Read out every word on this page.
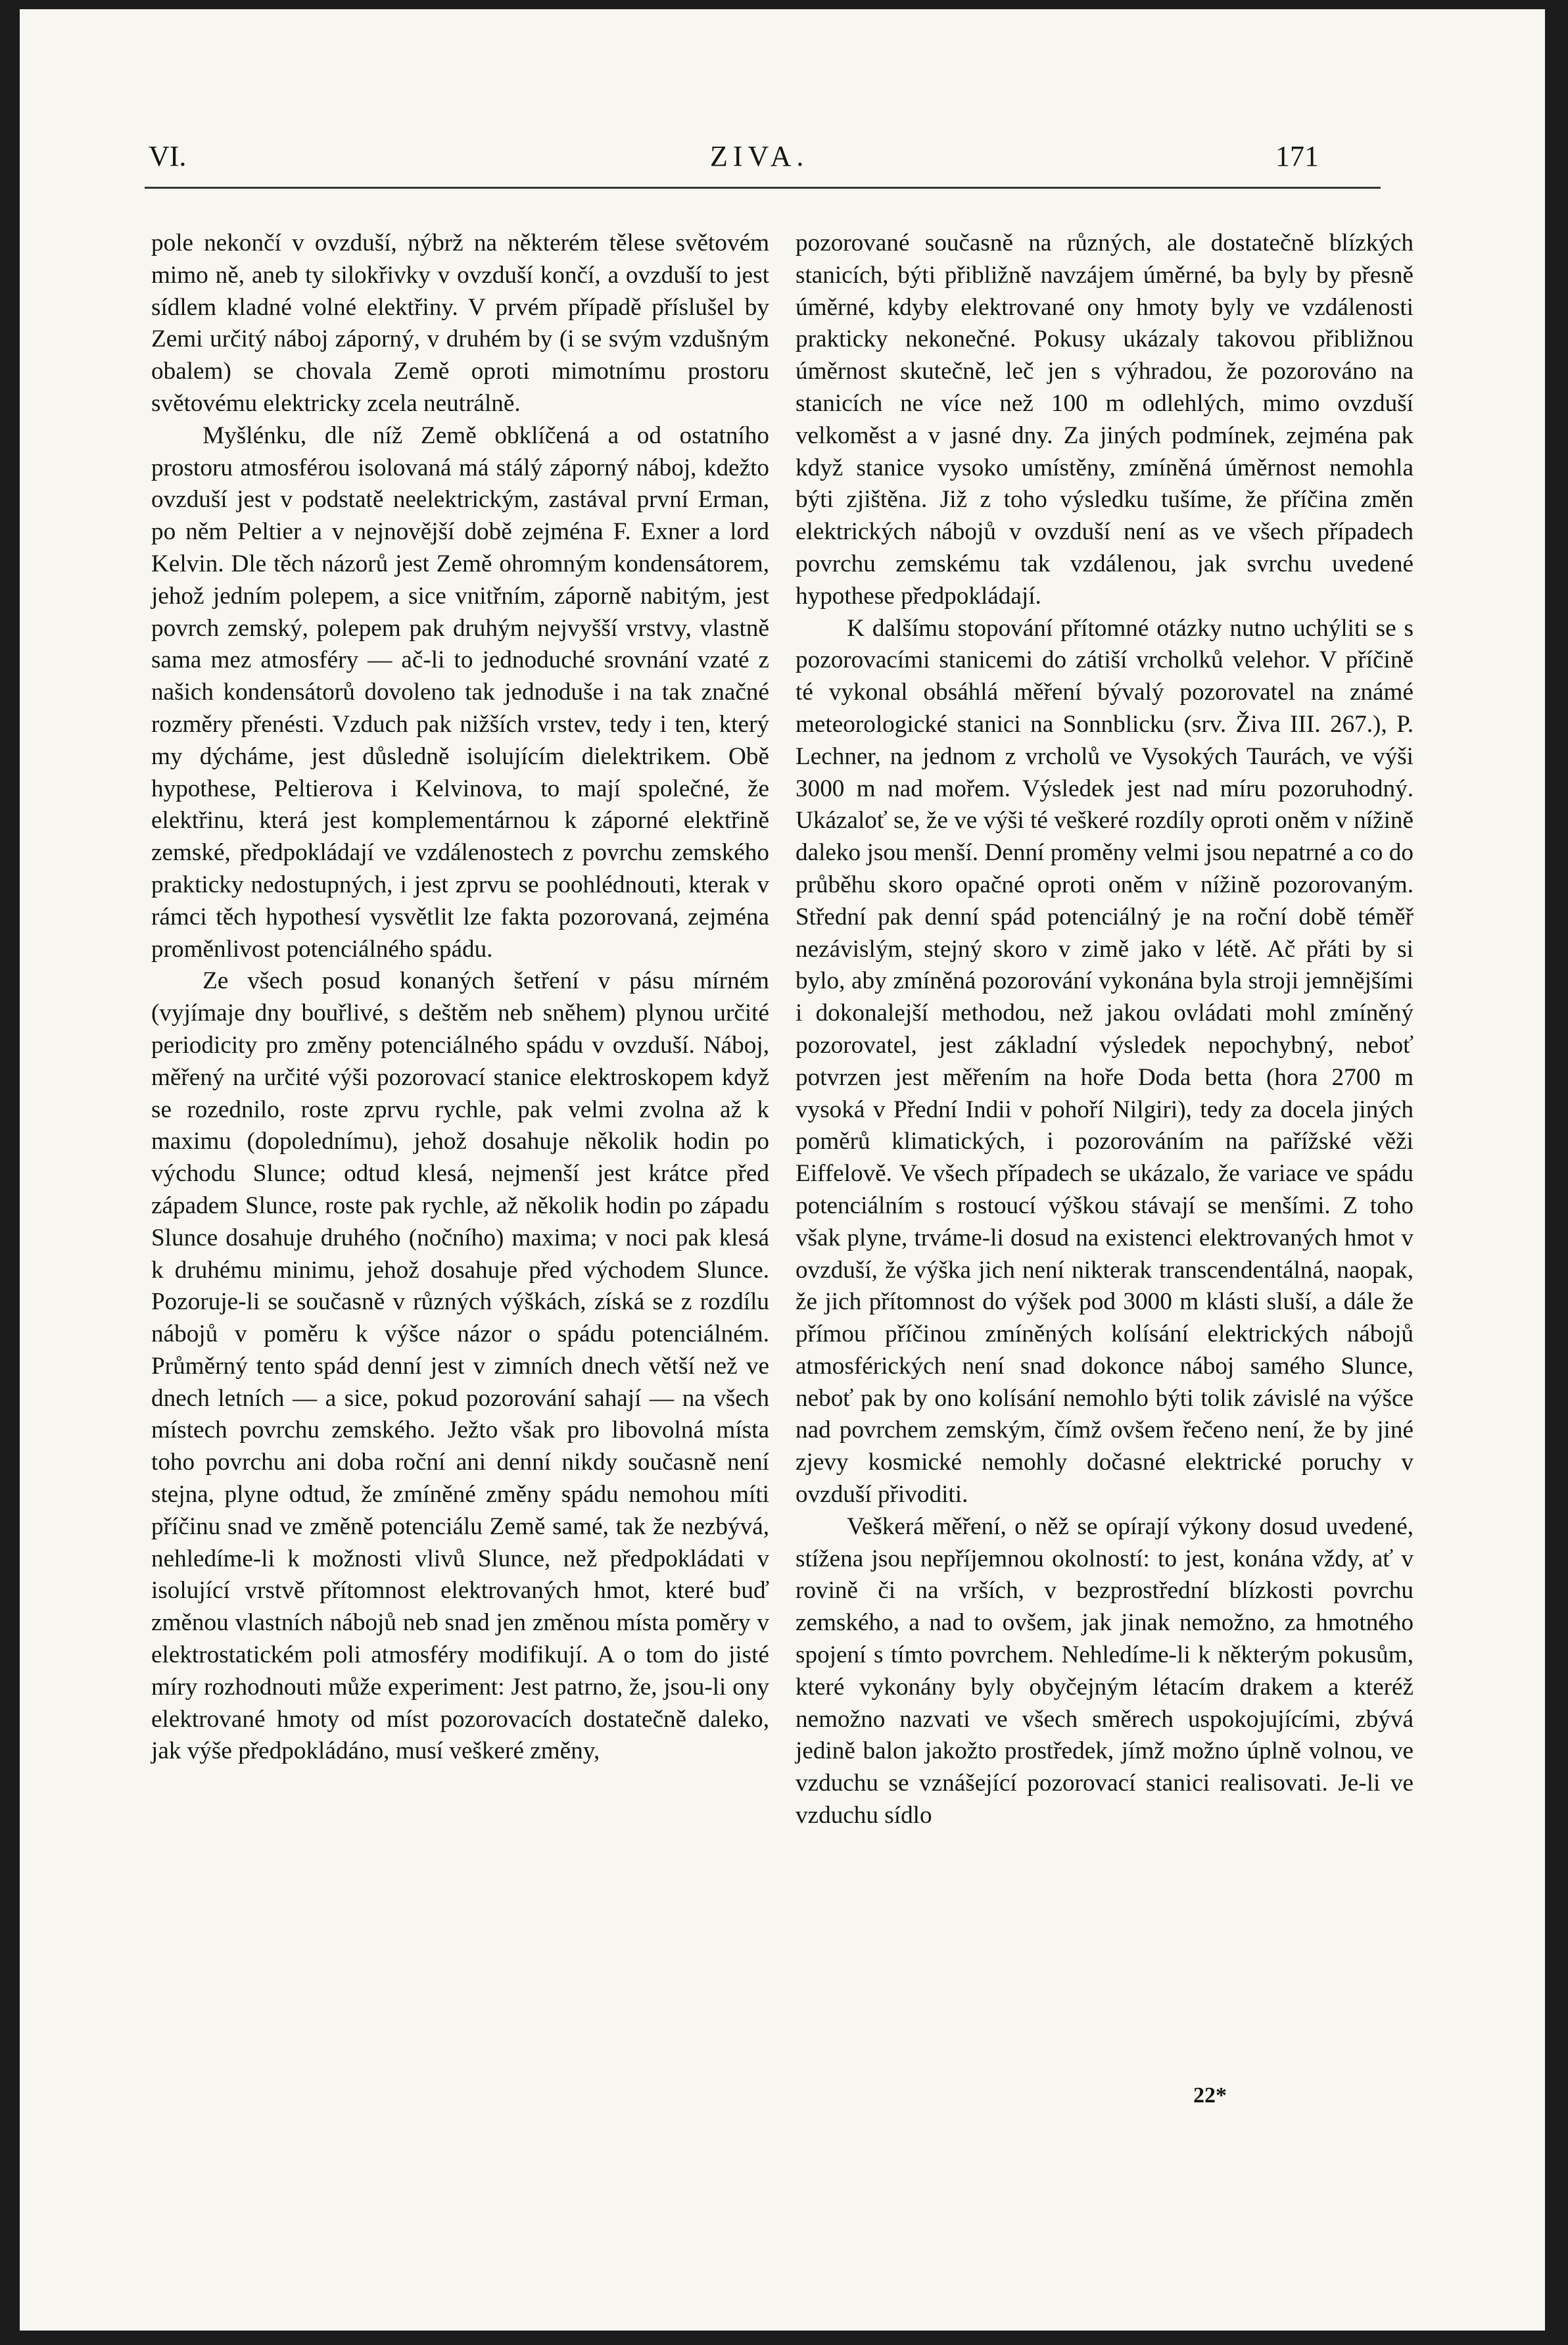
VI.	ZIVA.	171

pole nekončí v ovzduší, nýbrž na některém tělese světovém mimo ně, aneb ty silokřivky v ovzduší končí, a ovzduší to jest sídlem kladné volné elektřiny. V prvém případě příslušel by Zemi určitý náboj záporný, v druhém by (i se svým vzdušným obalem) se chovala Země oproti mimotnímu prostoru světovému elektricky zcela neutrálně.

Myšlénku, dle níž Země obklíčená a od ostatního prostoru atmosférou isolovaná má stálý záporný náboj, kdežto ovzduší jest v podstatě neelektrickým, zastával první Erman, po něm Peltier a v nejnovější době zejména F. Exner a lord Kelvin. Dle těch názorů jest Země ohromným kondensátorem, jehož jedním polepem, a sice vnitřním, záporně nabitým, jest povrch zemský, polepem pak druhým nejvyšší vrstvy, vlastně sama mez atmosféry — ač-li to jednoduché srovnání vzaté z našich kondensátorů dovoleno tak jednoduše i na tak značné rozměry přenésti. Vzduch pak nižších vrstev, tedy i ten, který my dýcháme, jest důsledně isolujícím dielektrikem. Obě hypothese, Peltierova i Kelvinova, to mají společné, že elektřinu, která jest komplementárnou k záporné elektřině zemské, předpokládají ve vzdálenostech z povrchu zemského prakticky nedostupných, i jest zprvu se poohlédnouti, kterak v rámci těch hypothesí vysvětlit lze fakta pozorovaná, zejména proměnlivost potenciálného spádu.

Ze všech posud konaných šetření v pásu mírném (vyjímaje dny bouřlivé, s deštěm neb sněhem) plynou určité periodicity pro změny potenciálného spádu v ovzduší. Náboj, měřený na určité výši pozorovací stanice elektroskopem když se rozednilo, roste zprvu rychle, pak velmi zvolna až k maximu (dopolednímu), jehož dosahuje několik hodin po východu Slunce; odtud klesá, nejmenší jest krátce před západem Slunce, roste pak rychle, až několik hodin po západu Slunce dosahuje druhého (nočního) maxima; v noci pak klesá k druhému minimu, jehož dosahuje před východem Slunce. Pozoruje-li se současně v různých výškách, získá se z rozdílu nábojů v poměru k výšce názor o spádu potenciálném. Průměrný tento spád denní jest v zimních dnech větší než ve dnech letních — a sice, pokud pozorování sahají — na všech místech povrchu zemského. Ježto však pro libovolná místa toho povrchu ani doba roční ani denní nikdy současně není stejna, plyne odtud, že zmíněné změny spádu nemohou míti příčinu snad ve změně potenciálu Země samé, tak že nezbývá, nehledíme-li k možnosti vlivů Slunce, než předpokládati v isolující vrstvě přítomnost elektrovaných hmot, které buď změnou vlastních nábojů neb snad jen změnou místa poměry v elektrostatickém poli atmosféry modifikují. A o tom do jisté míry rozhodnouti může experiment: Jest patrno, že, jsou-li ony elektrované hmoty od míst pozorovacích dostatečně daleko, jak výše předpokládáno, musí veškeré změny,

pozorované současně na různých, ale dostatečně blízkých stanicích, býti přibližně navzájem úměrné, ba byly by přesně úměrné, kdyby elektrované ony hmoty byly ve vzdálenosti prakticky nekonečné. Pokusy ukázaly takovou přibližnou úměrnost skutečně, leč jen s výhradou, že pozorováno na stanicích ne více než 100 m odlehlých, mimo ovzduší velkoměst a v jasné dny. Za jiných podmínek, zejména pak když stanice vysoko umístěny, zmíněná úměrnost nemohla býti zjištěna. Již z toho výsledku tušíme, že příčina změn elektrických nábojů v ovzduší není as ve všech případech povrchu zemskému tak vzdálenou, jak svrchu uvedené hypothese předpokládají.

K dalšímu stopování přítomné otázky nutno uchýliti se s pozorovacími stanicemi do zátiší vrcholků velehor. V příčině té vykonal obsáhlá měření bývalý pozorovatel na známé meteorologické stanici na Sonnblicku (srv. Živa III. 267.), P. Lechner, na jednom z vrcholů ve Vysokých Taurách, ve výši 3000 m nad mořem. Výsledek jest nad míru pozoruhodný. Ukázaloť se, že ve výši té veškeré rozdíly oproti oněm v nížině daleko jsou menší. Denní proměny velmi jsou nepatrné a co do průběhu skoro opačné oproti oněm v nížině pozorovaným. Střední pak denní spád potenciálný je na roční době téměř nezávislým, stejný skoro v zimě jako v létě. Ač přáti by si bylo, aby zmíněná pozorování vykonána byla stroji jemnějšími i dokonalejší methodou, než jakou ovládati mohl zmíněný pozorovatel, jest základní výsledek nepochybný, neboť potvrzen jest měřením na hoře Doda betta (hora 2700 m vysoká v Přední Indii v pohoří Nilgiri), tedy za docela jiných poměrů klimatických, i pozorováním na pařížské věži Eiffelově. Ve všech případech se ukázalo, že variace ve spádu potenciálním s rostoucí výškou stávají se menšími. Z toho však plyne, trváme-li dosud na existenci elektrovaných hmot v ovzduší, že výška jich není nikterak transcendentálná, naopak, že jich přítomnost do výšek pod 3000 m klásti sluší, a dále že přímou příčinou zmíněných kolísání elektrických nábojů atmosférických není snad dokonce náboj samého Slunce, neboť pak by ono kolísání nemohlo býti tolik závislé na výšce nad povrchem zemským, čímž ovšem řečeno není, že by jiné zjevy kosmické nemohly dočasné elektrické poruchy v ovzduší přivoditi.

Veškerá měření, o něž se opírají výkony dosud uvedené, stížena jsou nepříjemnou okolností: to jest, konána vždy, ať v rovině či na vrších, v bezprostřední blízkosti povrchu zemského, a nad to ovšem, jak jinak nemožno, za hmotného spojení s tímto povrchem. Nehledíme-li k některým pokusům, které vykonány byly obyčejným létacím drakem a kteréž nemožno nazvati ve všech směrech uspokojujícími, zbývá jedině balon jakožto prostředek, jímž možno úplně volnou, ve vzduchu se vznášející pozorovací stanici realisovati. Je-li ve vzduchu sídlo

22*
